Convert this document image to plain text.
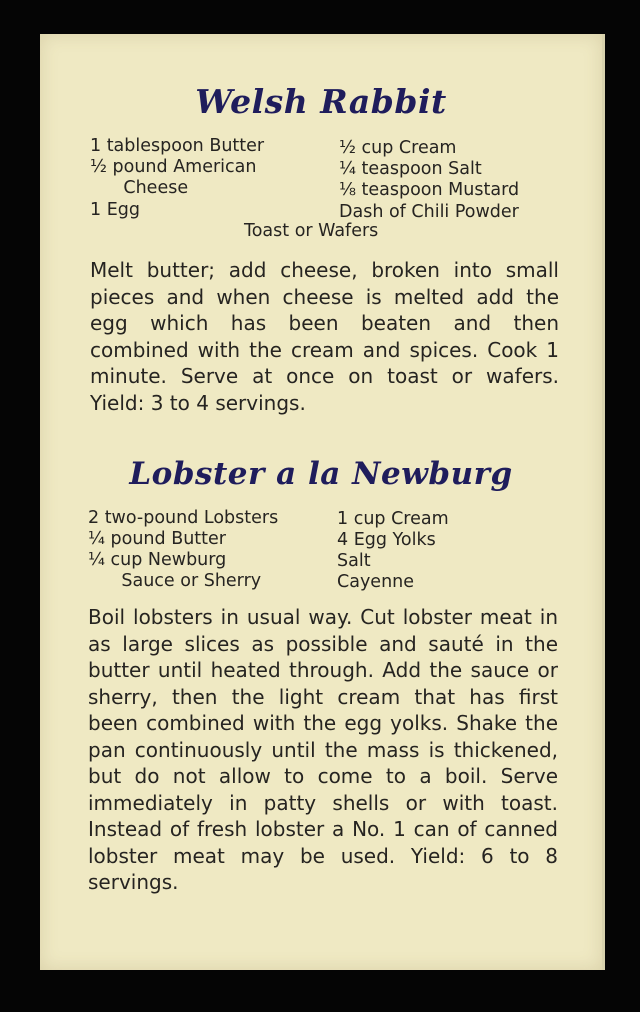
Welsh Rabbit
1 tablespoon Butter
½ pound American
Cheese
1 Egg
½ cup Cream
¼ teaspoon Salt
⅛ teaspoon Mustard
Dash of Chili Powder
Toast or Wafers
Melt butter; add cheese, broken into small pieces and when cheese is melted add the egg which has been beaten and then combined with the cream and spices. Cook 1 minute. Serve at once on toast or wafers. Yield: 3 to 4 servings.
Lobster a la Newburg
2 two-pound Lobsters
¼ pound Butter
¼ cup Newburg
Sauce or Sherry
1 cup Cream
4 Egg Yolks
Salt
Cayenne
Boil lobsters in usual way. Cut lobster meat in as large slices as possible and sauté in the butter until heated through. Add the sauce or sherry, then the light cream that has first been combined with the egg yolks. Shake the pan continuously until the mass is thickened, but do not allow to come to a boil. Serve immediately in patty shells or with toast. Instead of fresh lobster a No. 1 can of canned lobster meat may be used. Yield: 6 to 8 servings.
